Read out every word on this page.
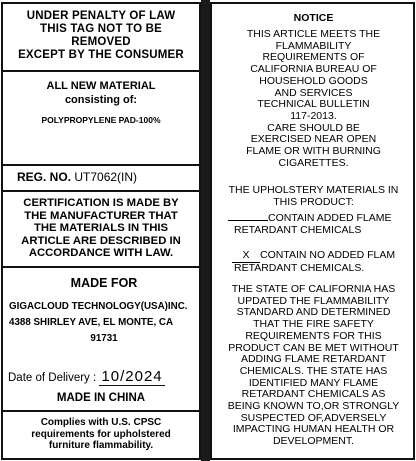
UNDER PENALTY OF LAW
THIS TAG NOT TO BE
REMOVED
EXCEPT BY THE CONSUMER
ALL NEW MATERIAL
consisting of:
POLYPROPYLENE PAD-100%
REG. NO. UT7062(IN)
CERTIFICATION IS MADE BY
THE MANUFACTURER THAT
THE MATERIALS IN THIS
ARTICLE ARE DESCRIBED IN
ACCORDANCE WITH LAW.
MADE FOR
GIGACLOUD TECHNOLOGY(USA)INC.
4388 SHIRLEY AVE, EL MONTE, CA
91731
Date of Delivery : 10/2024
MADE IN CHINA
Complies with U.S. CPSC
requirements for upholstered
furniture flammability.
NOTICE
THIS ARTICLE MEETS THE
FLAMMABILITY
REQUIREMENTS OF
CALIFORNIA BUREAU OF
HOUSEHOLD GOODS
AND SERVICES
TECHNICAL BULLETIN
117-2013.
CARE SHOULD BE
EXERCISED NEAR OPEN
FLAME OR WITH BURNING
CIGARETTES.
THE UPHOLSTERY MATERIALS IN
THIS PRODUCT:
CONTAIN ADDED FLAME
RETARDANT CHEMICALS
X CONTAIN NO ADDED FLAM
RETARDANT CHEMICALS.
THE STATE OF CALIFORNIA HAS
UPDATED THE FLAMMABILITY
STANDARD AND DETERMINED
THAT THE FIRE SAFETY
REQUIREMENTS FOR THIS
PRODUCT CAN BE MET WITHOUT
ADDING FLAME RETARDANT
CHEMICALS. THE STATE HAS
IDENTIFIED MANY FLAME
RETARDANT CHEMICALS AS
BEING KNOWN TO,OR STRONGLY
SUSPECTED OF,ADVERSELY
IMPACTING HUMAN HEALTH OR
DEVELOPMENT.
